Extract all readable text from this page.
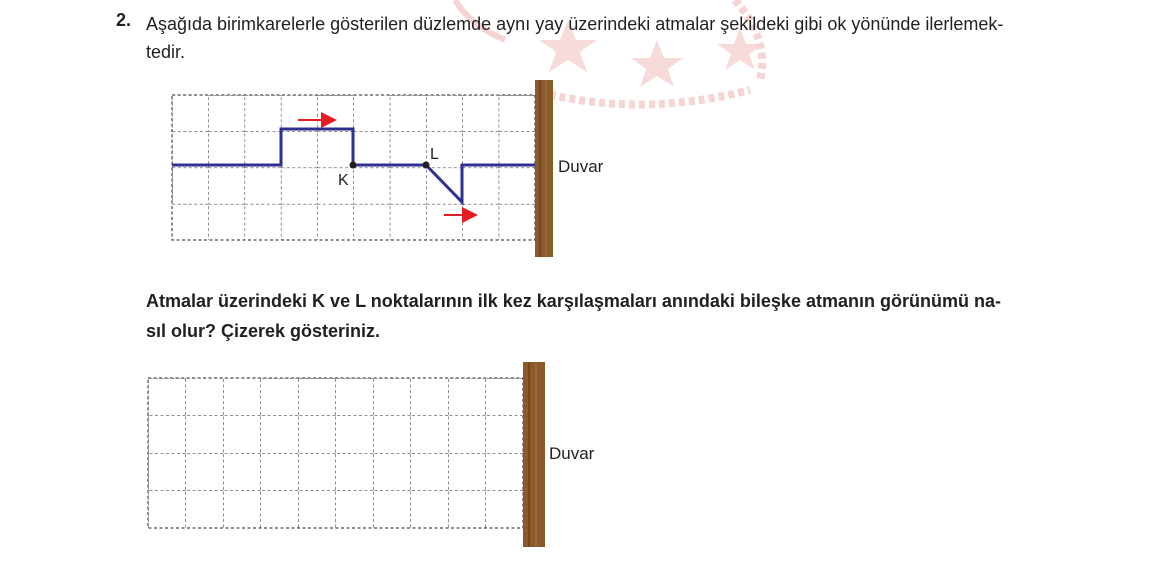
2. Aşağıda birimkarelerle gösterilen düzlemde aynı yay üzerindeki atmalar şekildeki gibi ok yönünde ilerlemek-
tedir.
K
L
Duvar
Atmalar üzerindeki K ve L noktalarının ilk kez karşılaşmaları anındaki bileşke atmanın görünümü na-
sıl olur? Çizerek gösteriniz.
Duvar
